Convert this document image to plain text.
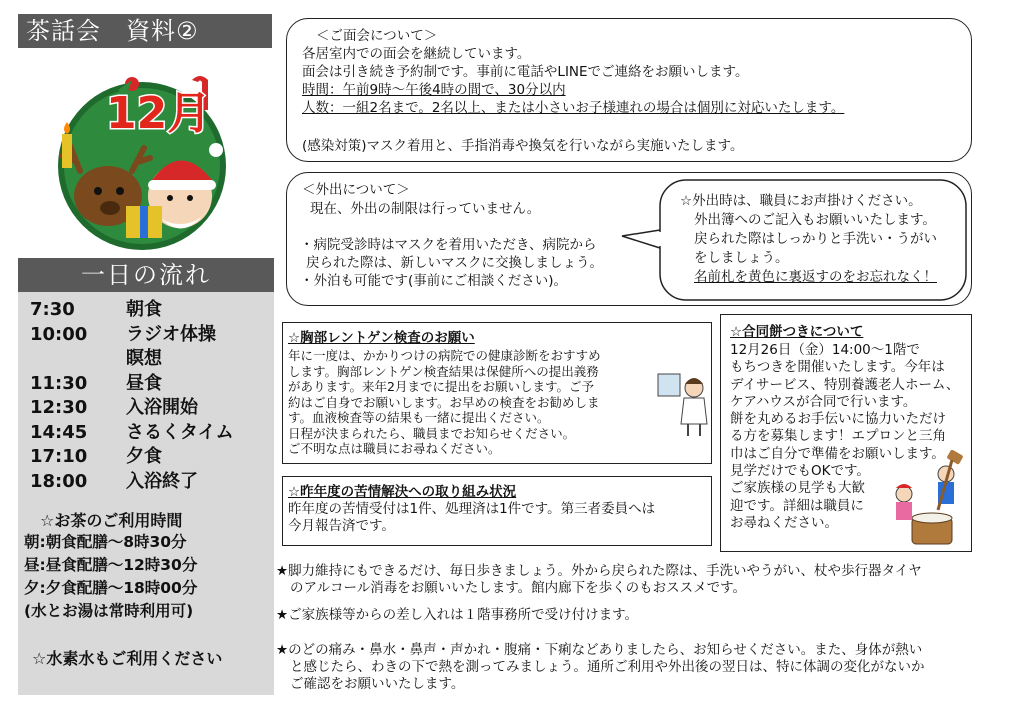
茶話会　資料②
12月
一日の流れ
7:30	朝食
10:00	ラジオ体操
瞑想
11:30	昼食
12:30	入浴開始
14:45	さるくタイム
17:10	夕食
18:00	入浴終了
☆お茶のご利用時間
朝:朝食配膳～8時30分
昼:昼食配膳～12時30分
夕:夕食配膳～18時00分
(水とお湯は常時利用可)
☆水素水もご利用ください
＜ご面会について＞
各居室内での面会を継続しています。
面会は引き続き予約制です。事前に電話やLINEでご連絡をお願いします。
時間：午前9時～午後4時の間で、30分以内
人数：一組2名まで。2名以上、または小さいお子様連れの場合は個別に対応いたします。
(感染対策)マスク着用と、手指消毒や換気を行いながら実施いたします。
＜外出について＞
現在、外出の制限は行っていません。
・病院受診時はマスクを着用いただき、病院から
戻られた際は、新しいマスクに交換しましょう。
・外泊も可能です(事前にご相談ください)。
☆外出時は、職員にお声掛けください。
外出簿へのご記入もお願いいたします。
戻られた際はしっかりと手洗い・うがい
をしましょう。
名前札を黄色に裏返すのをお忘れなく！
☆胸部レントゲン検査のお願い
年に一度は、かかりつけの病院での健康診断をおすすめ
します。胸部レントゲン検査結果は保健所への提出義務
があります。来年2月までに提出をお願いします。ご予
約はご自身でお願いします。お早めの検査をお勧めしま
す。血液検査等の結果も一緒に提出ください。
日程が決まられたら、職員までお知らせください。
ご不明な点は職員にお尋ねください。
☆昨年度の苦情解決への取り組み状況
昨年度の苦情受付は1件、処理済は1件です。第三者委員へは
今月報告済です。
☆合同餅つきについて
12月26日（金）14:00～1階で
もちつきを開催いたします。今年は
デイサービス、特別養護老人ホーム、
ケアハウスが合同で行います。
餅を丸めるお手伝いに協力いただけ
る方を募集します！エプロンと三角
巾はご自分で準備をお願いします。
見学だけでもOKです。
ご家族様の見学も大歓
迎です。詳細は職員に
お尋ねください。
★脚力維持にもできるだけ、毎日歩きましょう。外から戻られた際は、手洗いやうがい、杖や歩行器タイヤ
のアルコール消毒をお願いいたします。館内廊下を歩くのもおススメです。
★ご家族様等からの差し入れは１階事務所で受け付けます。
★のどの痛み・鼻水・鼻声・声かれ・腹痛・下痢などありましたら、お知らせください。また、身体が熱い
と感じたら、わきの下で熱を測ってみましょう。通所ご利用や外出後の翌日は、特に体調の変化がないか
ご確認をお願いいたします。
